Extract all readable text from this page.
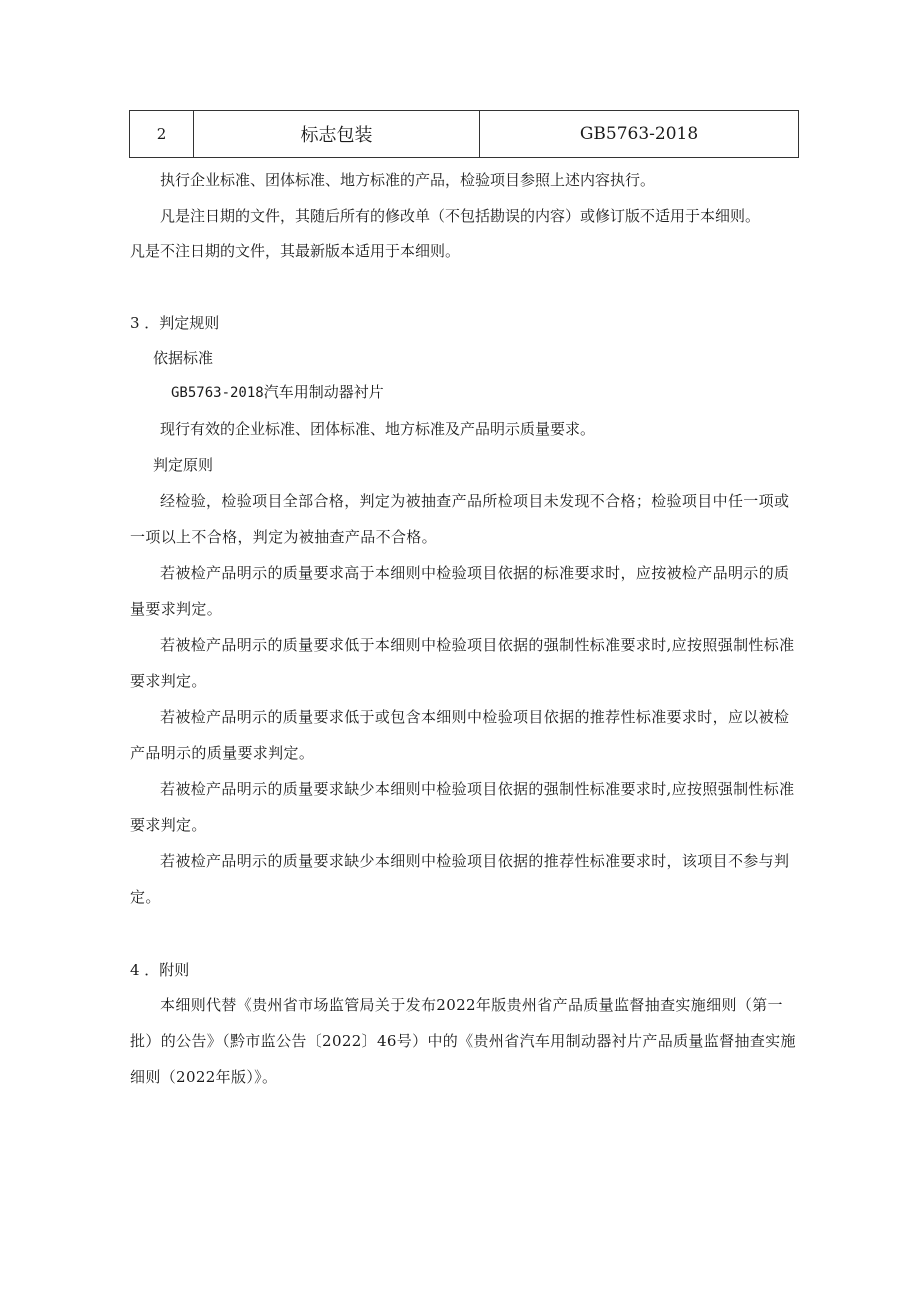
2	标志包装	GB5763-2018

执行企业标准、团体标准、地方标准的产品，检验项目参照上述内容执行。

凡是注日期的文件，其随后所有的修改单（不包括勘误的内容）或修订版不适用于本细则。

凡是不注日期的文件，其最新版本适用于本细则。

3 ．判定规则

依据标准

GB5763-2018汽车用制动器衬片

现行有效的企业标准、团体标准、地方标准及产品明示质量要求。

判定原则

经检验，检验项目全部合格，判定为被抽查产品所检项目未发现不合格；检验项目中任一项或一项以上不合格，判定为被抽查产品不合格。

若被检产品明示的质量要求高于本细则中检验项目依据的标准要求时，应按被检产品明示的质量要求判定。

若被检产品明示的质量要求低于本细则中检验项目依据的强制性标准要求时,应按照强制性标准要求判定。

若被检产品明示的质量要求低于或包含本细则中检验项目依据的推荐性标准要求时，应以被检产品明示的质量要求判定。

若被检产品明示的质量要求缺少本细则中检验项目依据的强制性标准要求时,应按照强制性标准要求判定。

若被检产品明示的质量要求缺少本细则中检验项目依据的推荐性标准要求时，该项目不参与判定。

4 ．附则

本细则代替《贵州省市场监管局关于发布2022年版贵州省产品质量监督抽查实施细则（第一批）的公告》（黔市监公告〔2022〕46号）中的《贵州省汽车用制动器衬片产品质量监督抽查实施细则（2022年版）》。
